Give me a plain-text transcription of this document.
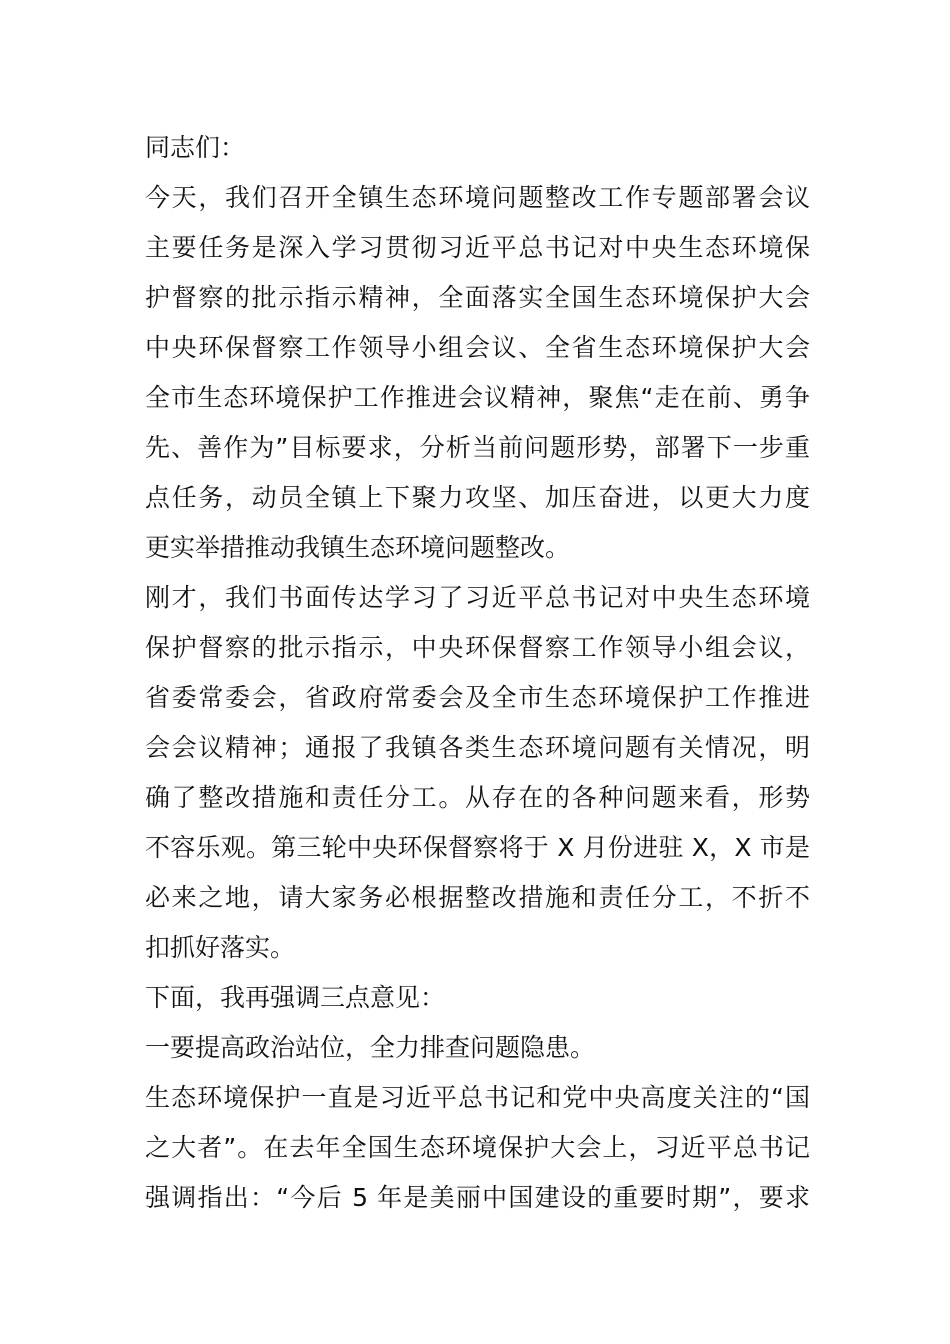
同志们：
今天，我们召开全镇生态环境问题整改工作专题部署会议
主要任务是深入学习贯彻习近平总书记对中央生态环境保
护督察的批示指示精神，全面落实全国生态环境保护大会
中央环保督察工作领导小组会议、全省生态环境保护大会
全市生态环境保护工作推进会议精神，聚焦“走在前、勇争
先、善作为”目标要求，分析当前问题形势，部署下一步重
点任务，动员全镇上下聚力攻坚、加压奋进，以更大力度
更实举措推动我镇生态环境问题整改。
刚才，我们书面传达学习了习近平总书记对中央生态环境
保护督察的批示指示，中央环保督察工作领导小组会议，
省委常委会，省政府常委会及全市生态环境保护工作推进
会会议精神；通报了我镇各类生态环境问题有关情况，明
确了整改措施和责任分工。从存在的各种问题来看，形势
不容乐观。第三轮中央环保督察将于 X 月份进驻 X，X 市是
必来之地，请大家务必根据整改措施和责任分工，不折不
扣抓好落实。
下面，我再强调三点意见：
一要提高政治站位，全力排查问题隐患。
生态环境保护一直是习近平总书记和党中央高度关注的“国
之大者”。在去年全国生态环境保护大会上，习近平总书记
强调指出：“今后 5 年是美丽中国建设的重要时期”，要求
